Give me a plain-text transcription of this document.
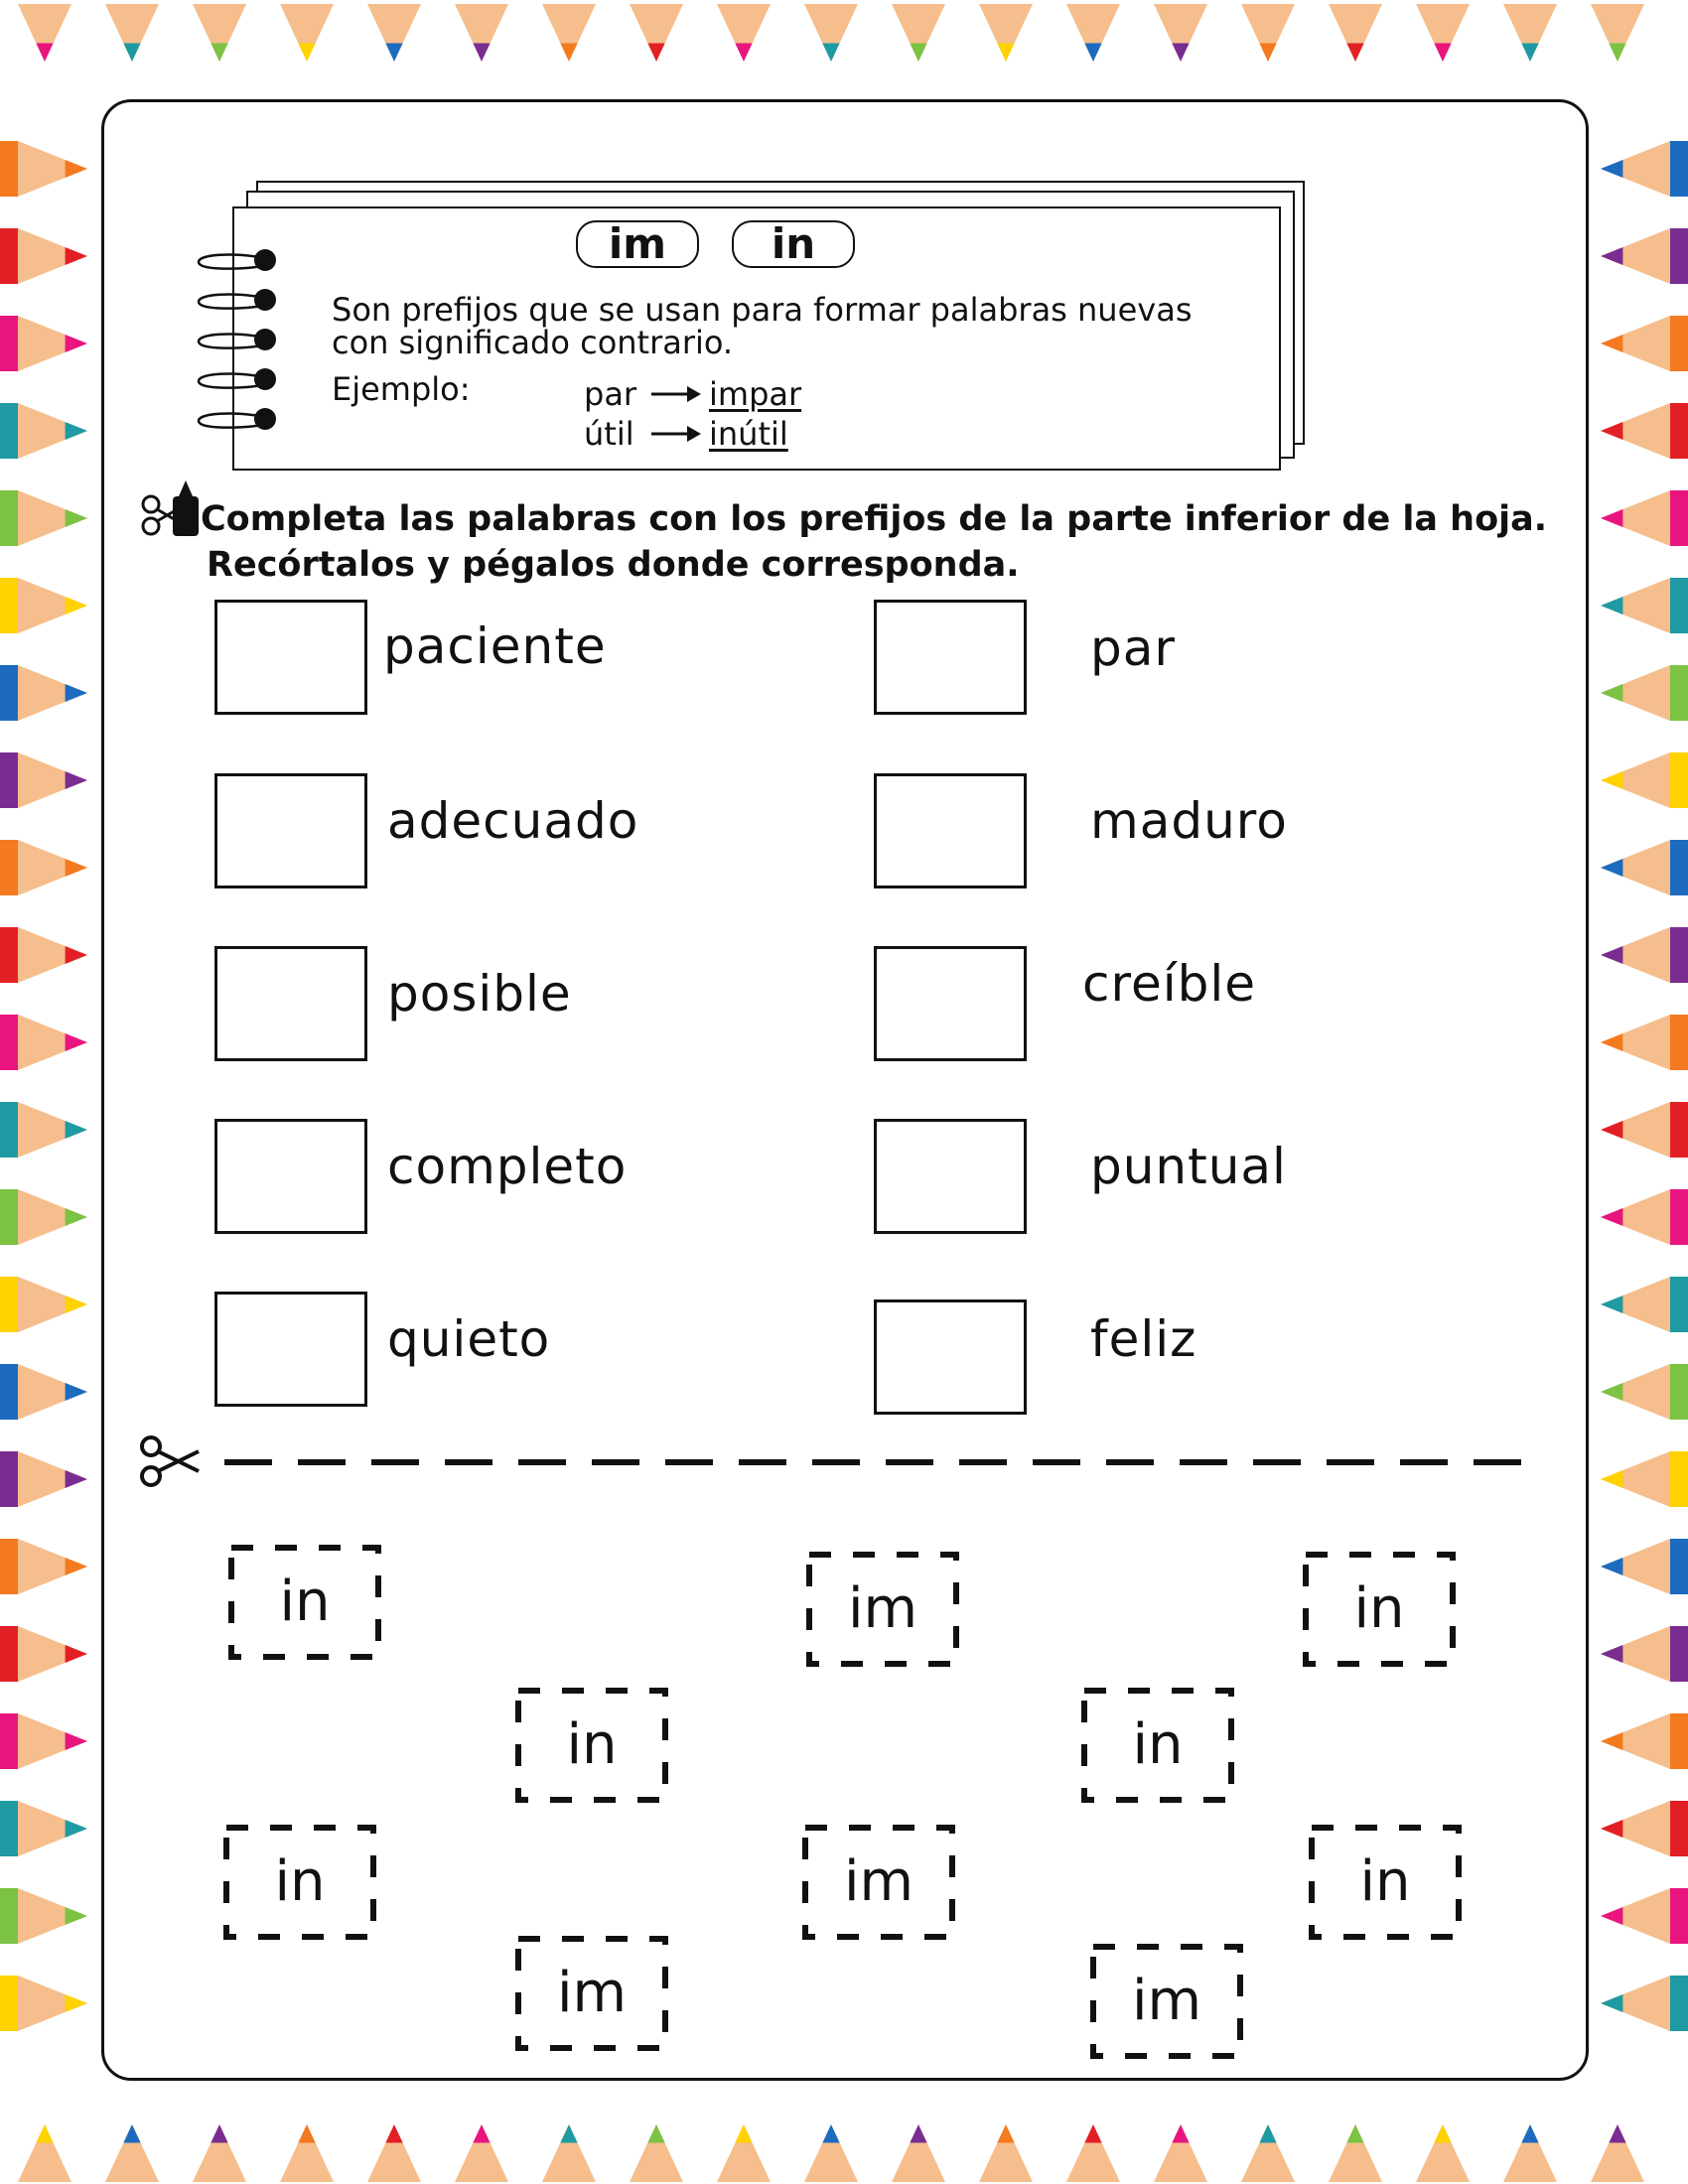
im	in
Son prefijos que se usan para formar palabras nuevas
con significado contrario.
Ejemplo:	par impar
útil inútil
Completa las palabras con los prefijos de la parte inferior de la hoja.
Recórtalos y pégalos donde corresponda.
paciente
adecuado
posible
completo
quieto
par
maduro
creíble
puntual
feliz
in	im	in
in	in
in	im	in
im	im
